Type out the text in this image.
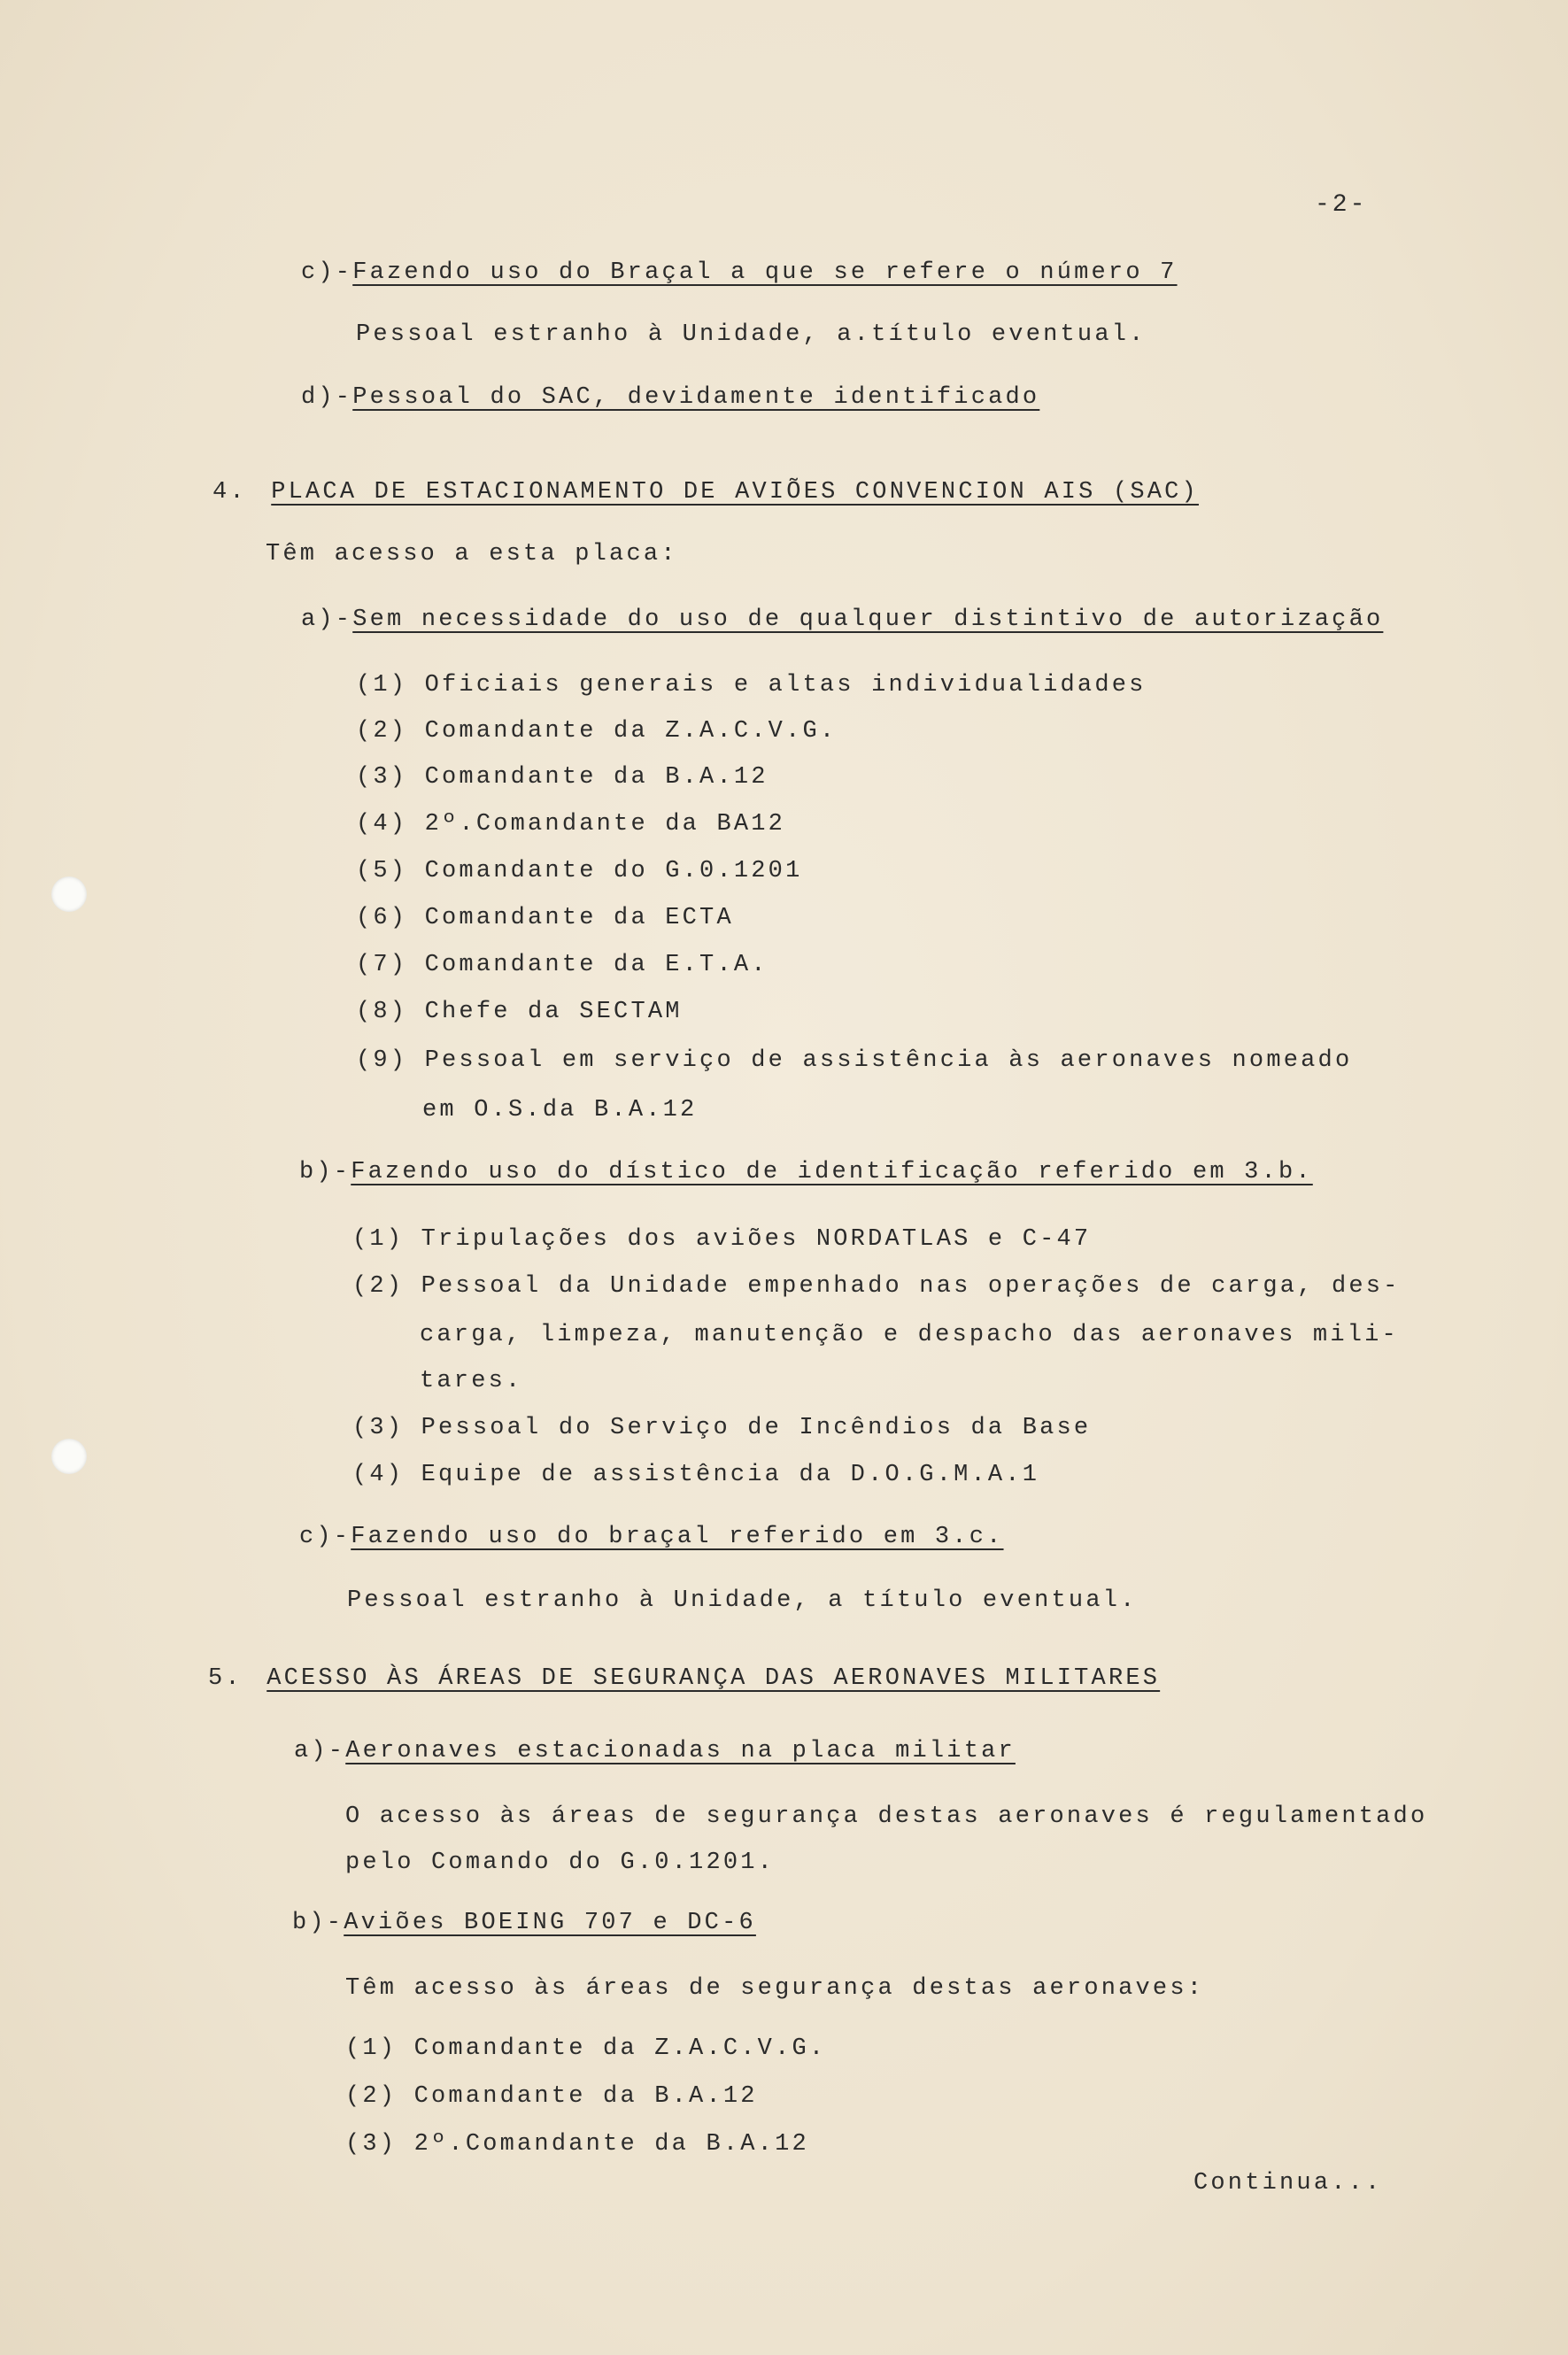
-2-
c)-Fazendo uso do Braçal a que se refere o número 7
Pessoal estranho à Unidade, a.título eventual.
d)-Pessoal do SAC, devidamente identificado
4. PLACA DE ESTACIONAMENTO DE AVIÕES CONVENCION AIS (SAC)
Têm acesso a esta placa:
a)-Sem necessidade do uso de qualquer distintivo de autorização
(1) Oficiais generais e altas individualidades
(2) Comandante da Z.A.C.V.G.
(3) Comandante da B.A.12
(4) 2º.Comandante da BA12
(5) Comandante do G.0.1201
(6) Comandante da ECTA
(7) Comandante da E.T.A.
(8) Chefe da SECTAM
(9) Pessoal em serviço de assistência às aeronaves nomeado
em O.S.da B.A.12
b)-Fazendo uso do dístico de identificação referido em 3.b.
(1) Tripulações dos aviões NORDATLAS e C-47
(2) Pessoal da Unidade empenhado nas operações de carga, des-
carga, limpeza, manutenção e despacho das aeronaves mili-
tares.
(3) Pessoal do Serviço de Incêndios da Base
(4) Equipe de assistência da D.O.G.M.A.1
c)-Fazendo uso do braçal referido em 3.c.
Pessoal estranho à Unidade, a título eventual.
5. ACESSO ÀS ÁREAS DE SEGURANÇA DAS AERONAVES MILITARES
a)-Aeronaves estacionadas na placa militar
O acesso às áreas de segurança destas aeronaves é regulamentado
pelo Comando do G.0.1201.
b)-Aviões BOEING 707 e DC-6
Têm acesso às áreas de segurança destas aeronaves:
(1) Comandante da Z.A.C.V.G.
(2) Comandante da B.A.12
(3) 2º.Comandante da B.A.12
Continua...
